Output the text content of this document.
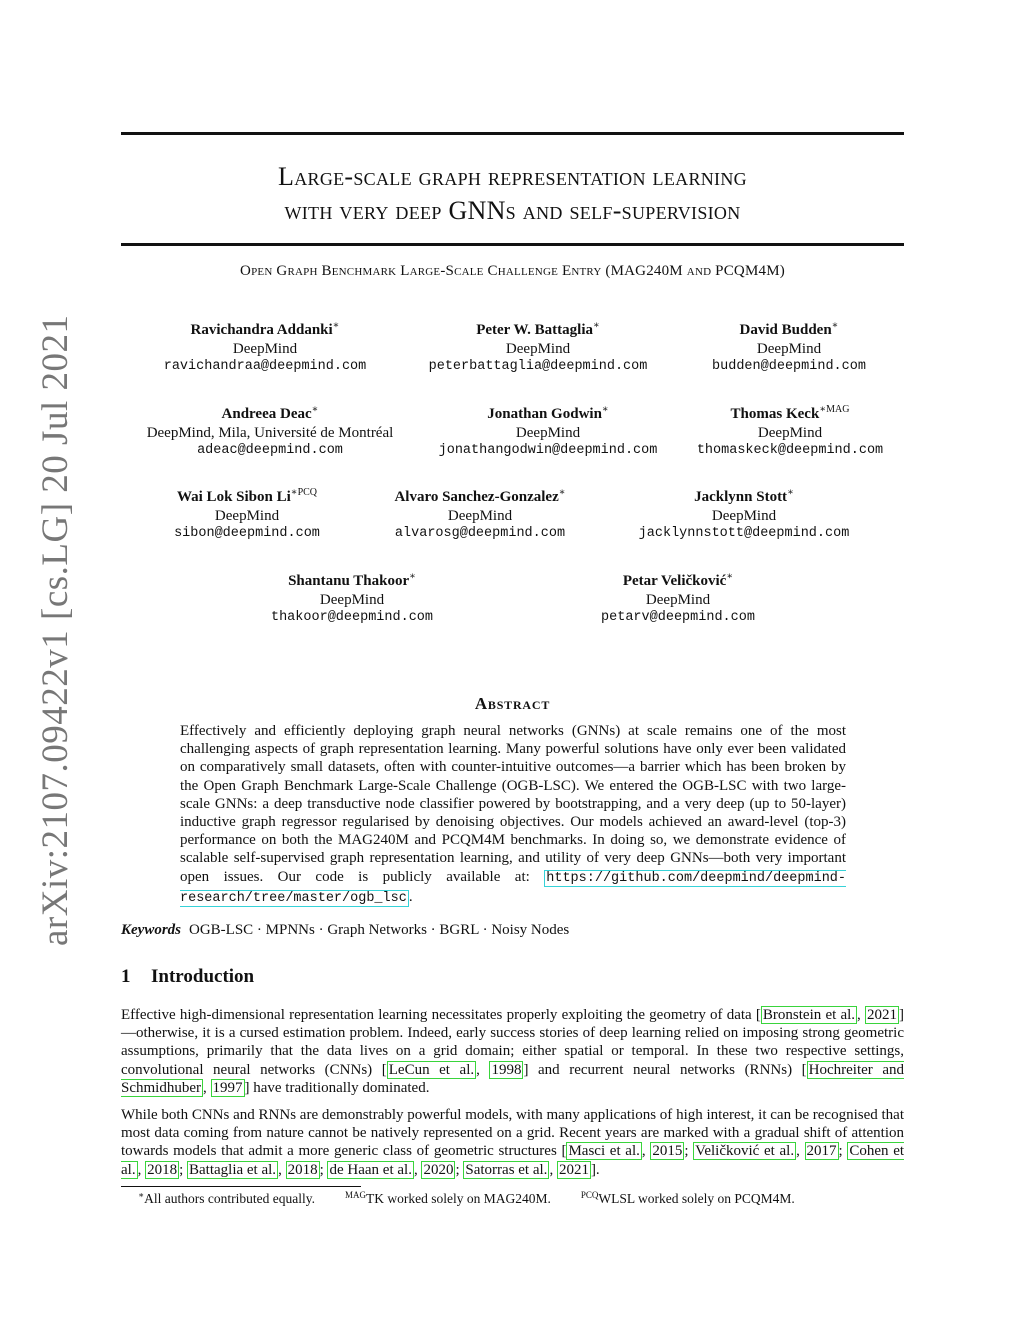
arXiv:2107.09422v1 [cs.LG] 20 Jul 2021
Large-scale graph representation learning
with very deep GNNs and self-supervision
Open Graph Benchmark Large-Scale Challenge Entry (MAG240M and PCQM4M)
Ravichandra Addanki∗
DeepMind
ravichandraa@deepmind.com
Peter W. Battaglia∗
DeepMind
peterbattaglia@deepmind.com
David Budden∗
DeepMind
budden@deepmind.com
Andreea Deac∗
DeepMind, Mila, Université de Montréal
adeac@deepmind.com
Jonathan Godwin∗
DeepMind
jonathangodwin@deepmind.com
Thomas Keck$^{∗MAG}$
DeepMind
thomaskeck@deepmind.com
Wai Lok Sibon $Li^{∗PCQ}$
DeepMind
sibon@deepmind.com
Alvaro Sanchez-Gonzalez∗
DeepMind
alvarosg@deepmind.com
Jacklynn Stott∗
DeepMind
jacklynnstott@deepmind.com
Shantanu Thakoor∗
DeepMind
thakoor@deepmind.com
Petar Veličković∗
DeepMind
petarv@deepmind.com
Abstract
Effectively and efficiently deploying graph neural networks (GNNs) at scale remains one of the most challenging aspects of graph representation learning. Many powerful solutions have only ever been validated on comparatively small datasets, often with counter-intuitive outcomes—a barrier which has been broken by the Open Graph Benchmark Large-Scale Challenge (OGB-LSC). We entered the OGB-LSC with two large-scale GNNs: a deep transductive node classifier powered by bootstrapping, and a very deep (up to 50-layer) inductive graph regressor regularised by denoising objectives. Our models achieved an award-level (top-3) performance on both the MAG240M and PCQM4M benchmarks. In doing so, we demonstrate evidence of scalable self-supervised graph representation learning, and utility of very deep GNNs—both very important open issues. Our code is publicly available at: https://github.com/deepmind/deepmind-research/tree/master/ogb_lsc .
Keywords OGB-LSC · MPNNs · Graph Networks · BGRL · Noisy Nodes
1 Introduction
Effective high-dimensional representation learning necessitates properly exploiting the geometry of data [ Bronstein et al. , 2021 ]—otherwise, it is a cursed estimation problem. Indeed, early success stories of deep learning relied on imposing strong geometric assumptions, primarily that the data lives on a grid domain; either spatial or temporal. In these two respective settings, convolutional neural networks (CNNs) [ LeCun et al. , 1998 ] and recurrent neural networks (RNNs) [ Hochreiter and Schmidhuber , 1997 ] have traditionally dominated.
While both CNNs and RNNs are demonstrably powerful models, with many applications of high interest, it can be recognised that most data coming from nature cannot be natively represented on a grid. Recent years are marked with a gradual shift of attention towards models that admit a more generic class of geometric structures [ Masci et al. , 2015 ; Veličković et al. , 2017 ; Cohen et al. , 2018 ; Battaglia et al. , 2018 ; de Haan et al. , 2020 ; Satorras et al. , 2021 ].
∗All authors contributed equally.	$^{MAG}$TK worked solely on MAG240M.	$^{PCQ}$WLSL worked solely on PCQM4M.
